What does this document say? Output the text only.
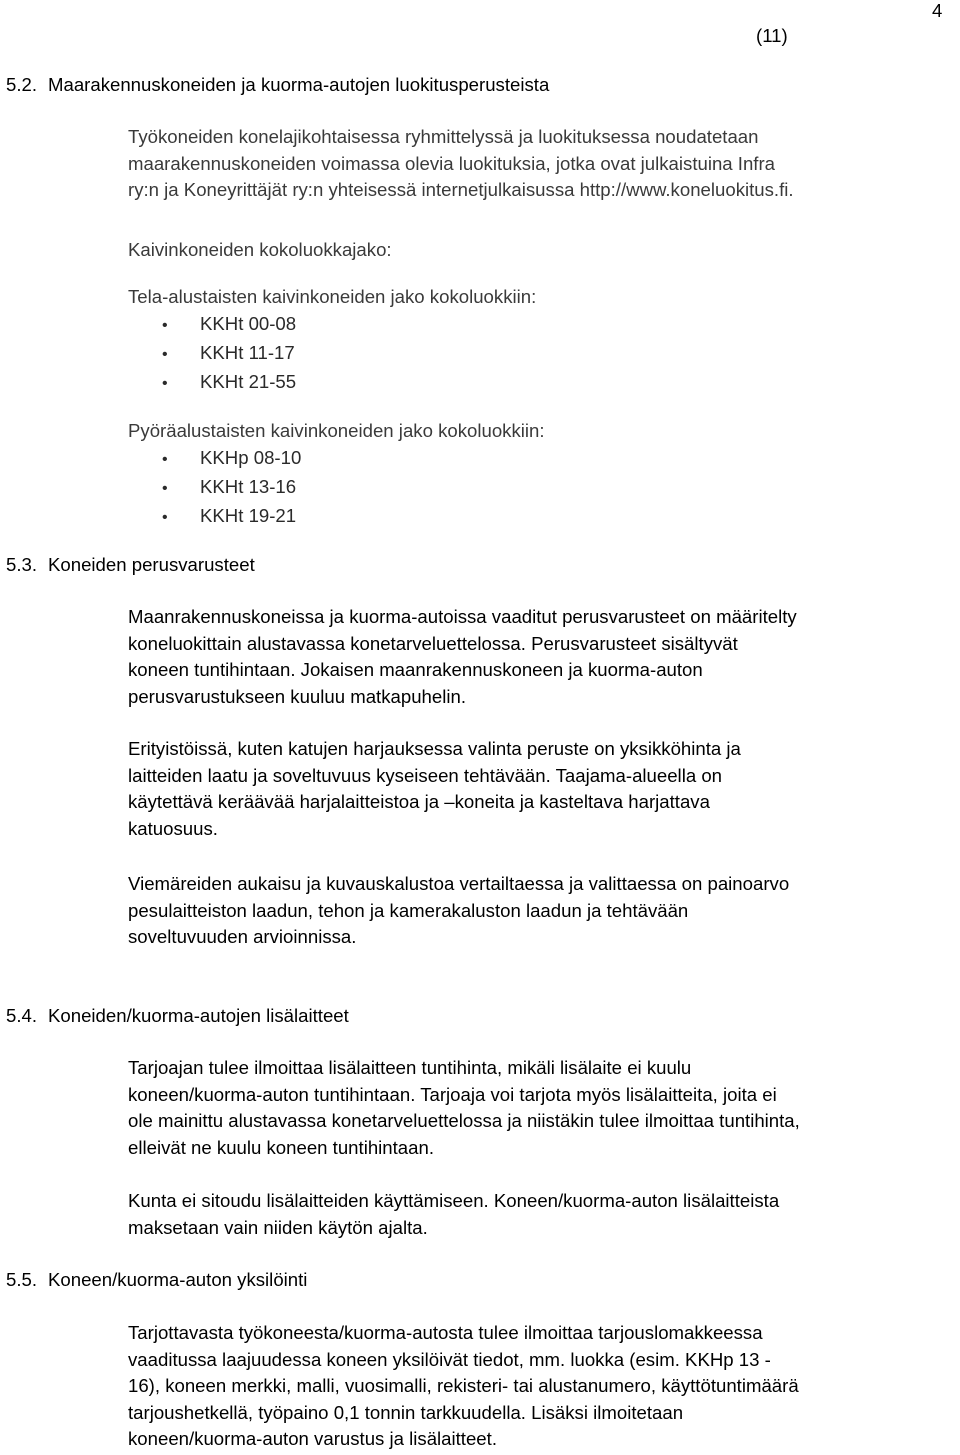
4
(11)
5.2. Maarakennuskoneiden ja kuorma-autojen luokitusperusteista
Työkoneiden konelajikohtaisessa ryhmittelyssä ja luokituksessa noudatetaan
maarakennuskoneiden voimassa olevia luokituksia, jotka ovat julkaistuina Infra
ry:n ja Koneyrittäjät ry:n yhteisessä internetjulkaisussa http://www.koneluokitus.fi.
Kaivinkoneiden kokoluokkajako:
Tela-alustaisten kaivinkoneiden jako kokoluokkiin:
•KKHt 00-08
•KKHt 11-17
•KKHt 21-55
Pyöräalustaisten kaivinkoneiden jako kokoluokkiin:
•KKHp 08-10
•KKHt 13-16
•KKHt 19-21
5.3. Koneiden perusvarusteet
Maanrakennuskoneissa ja kuorma-autoissa vaaditut perusvarusteet on määritelty
koneluokittain alustavassa konetarveluettelossa. Perusvarusteet sisältyvät
koneen tuntihintaan. Jokaisen maanrakennuskoneen ja kuorma-auton
perusvarustukseen kuuluu matkapuhelin.
Erityistöissä, kuten katujen harjauksessa valinta peruste on yksikköhinta ja
laitteiden laatu ja soveltuvuus kyseiseen tehtävään. Taajama-alueella on
käytettävä keräävää harjalaitteistoa ja –koneita ja kasteltava harjattava
katuosuus.
Viemäreiden aukaisu ja kuvauskalustoa vertailtaessa ja valittaessa on painoarvo
pesulaitteiston laadun, tehon ja kamerakaluston laadun ja tehtävään
soveltuvuuden arvioinnissa.
5.4. Koneiden/kuorma-autojen lisälaitteet
Tarjoajan tulee ilmoittaa lisälaitteen tuntihinta, mikäli lisälaite ei kuulu
koneen/kuorma-auton tuntihintaan. Tarjoaja voi tarjota myös lisälaitteita, joita ei
ole mainittu alustavassa konetarveluettelossa ja niistäkin tulee ilmoittaa tuntihinta,
elleivät ne kuulu koneen tuntihintaan.
Kunta ei sitoudu lisälaitteiden käyttämiseen. Koneen/kuorma-auton lisälaitteista
maksetaan vain niiden käytön ajalta.
5.5. Koneen/kuorma-auton yksilöinti
Tarjottavasta työkoneesta/kuorma-autosta tulee ilmoittaa tarjouslomakkeessa
vaaditussa laajuudessa koneen yksilöivät tiedot, mm. luokka (esim. KKHp 13 -
16), koneen merkki, malli, vuosimalli, rekisteri- tai alustanumero, käyttötuntimäärä
tarjoushetkellä, työpaino 0,1 tonnin tarkkuudella. Lisäksi ilmoitetaan
koneen/kuorma-auton varustus ja lisälaitteet.
